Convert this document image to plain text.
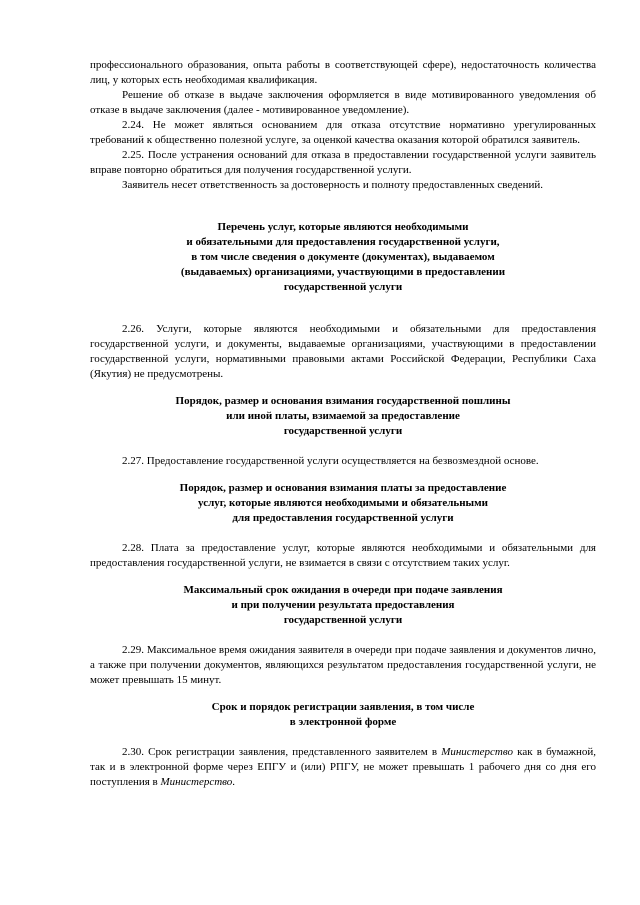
профессионального образования, опыта работы в соответствующей сфере), недостаточность количества лиц, у которых есть необходимая квалификация.

Решение об отказе в выдаче заключения оформляется в виде мотивированного уведомления об отказе в выдаче заключения (далее - мотивированное уведомление).

2.24. Не может являться основанием для отказа отсутствие нормативно урегулированных требований к общественно полезной услуге, за оценкой качества оказания которой обратился заявитель.

2.25. После устранения оснований для отказа в предоставлении государственной услуги заявитель вправе повторно обратиться для получения государственной услуги.

Заявитель несет ответственность за достоверность и полноту предоставленных сведений.

Перечень услуг, которые являются необходимыми
и обязательными для предоставления государственной услуги,
в том числе сведения о документе (документах), выдаваемом
(выдаваемых) организациями, участвующими в предоставлении
государственной услуги

2.26. Услуги, которые являются необходимыми и обязательными для предоставления государственной услуги, и документы, выдаваемые организациями, участвующими в предоставлении государственной услуги, нормативными правовыми актами Российской Федерации, Республики Саха (Якутия) не предусмотрены.

Порядок, размер и основания взимания государственной пошлины
или иной платы, взимаемой за предоставление
государственной услуги

2.27. Предоставление государственной услуги осуществляется на безвозмездной основе.

Порядок, размер и основания взимания платы за предоставление
услуг, которые являются необходимыми и обязательными
для предоставления государственной услуги

2.28. Плата за предоставление услуг, которые являются необходимыми и обязательными для предоставления государственной услуги, не взимается в связи с отсутствием таких услуг.

Максимальный срок ожидания в очереди при подаче заявления
и при получении результата предоставления
государственной услуги

2.29. Максимальное время ожидания заявителя в очереди при подаче заявления и документов лично, а также при получении документов, являющихся результатом предоставления государственной услуги, не может превышать 15 минут.

Срок и порядок регистрации заявления, в том числе
в электронной форме

2.30. Срок регистрации заявления, представленного заявителем в Министерство как в бумажной, так и в электронной форме через ЕПГУ и (или) РПГУ, не может превышать 1 рабочего дня со дня его поступления в Министерство.
